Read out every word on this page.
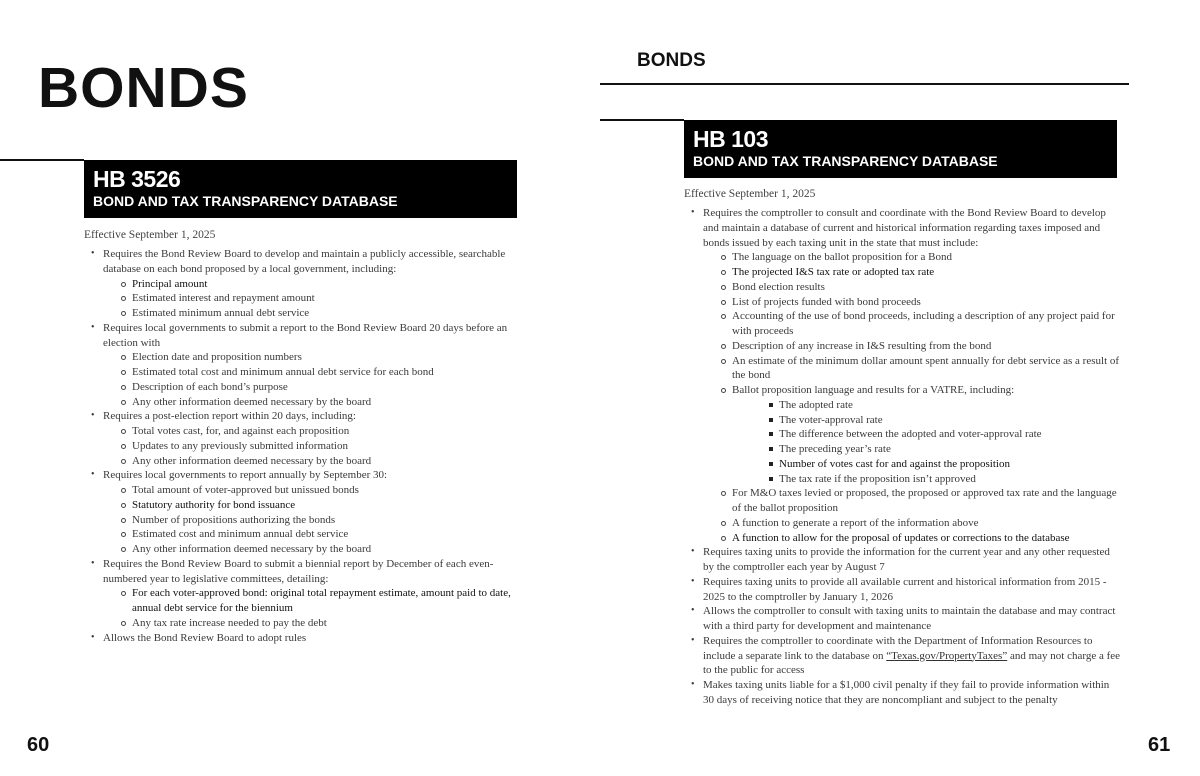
BONDS
HB 3526
BOND AND TAX TRANSPARENCY DATABASE
Effective September 1, 2025
• Requires the Bond Review Board to develop and maintain a publicly accessible, searchable database on each bond proposed by a local government, including:
Principal amount
Estimated interest and repayment amount
Estimated minimum annual debt service
• Requires local governments to submit a report to the Bond Review Board 20 days before an election with
Election date and proposition numbers
Estimated total cost and minimum annual debt service for each bond
Description of each bond’s purpose
Any other information deemed necessary by the board
• Requires a post-election report within 20 days, including:
Total votes cast, for, and against each proposition
Updates to any previously submitted information
Any other information deemed necessary by the board
• Requires local governments to report annually by September 30:
Total amount of voter-approved but unissued bonds
Statutory authority for bond issuance
Number of propositions authorizing the bonds
Estimated cost and minimum annual debt service
Any other information deemed necessary by the board
• Requires the Bond Review Board to submit a biennial report by December of each even-numbered year to legislative committees, detailing:
For each voter-approved bond: original total repayment estimate, amount paid to date, annual debt service for the biennium
Any tax rate increase needed to pay the debt
• Allows the Bond Review Board to adopt rules
60
BONDS
HB 103
BOND AND TAX TRANSPARENCY DATABASE
Effective September 1, 2025
• Requires the comptroller to consult and coordinate with the Bond Review Board to develop and maintain a database of current and historical information regarding taxes imposed and bonds issued by each taxing unit in the state that must include:
The language on the ballot proposition for a Bond
The projected I&S tax rate or adopted tax rate
Bond election results
List of projects funded with bond proceeds
Accounting of the use of bond proceeds, including a description of any project paid for with proceeds
Description of any increase in I&S resulting from the bond
An estimate of the minimum dollar amount spent annually for debt service as a result of the bond
Ballot proposition language and results for a VATRE, including:
The adopted rate
The voter-approval rate
The difference between the adopted and voter-approval rate
The preceding year’s rate
Number of votes cast for and against the proposition
The tax rate if the proposition isn’t approved
For M&O taxes levied or proposed, the proposed or approved tax rate and the language of the ballot proposition
A function to generate a report of the information above
A function to allow for the proposal of updates or corrections to the database
• Requires taxing units to provide the information for the current year and any other requested by the comptroller each year by August 7
• Requires taxing units to provide all available current and historical information from 2015 - 2025 to the comptroller by January 1, 2026
• Allows the comptroller to consult with taxing units to maintain the database and may contract with a third party for development and maintenance
• Requires the comptroller to coordinate with the Department of Information Resources to include a separate link to the database on “Texas.gov/PropertyTaxes” and may not charge a fee to the public for access
• Makes taxing units liable for a $1,000 civil penalty if they fail to provide information within 30 days of receiving notice that they are noncompliant and subject to the penalty
61
